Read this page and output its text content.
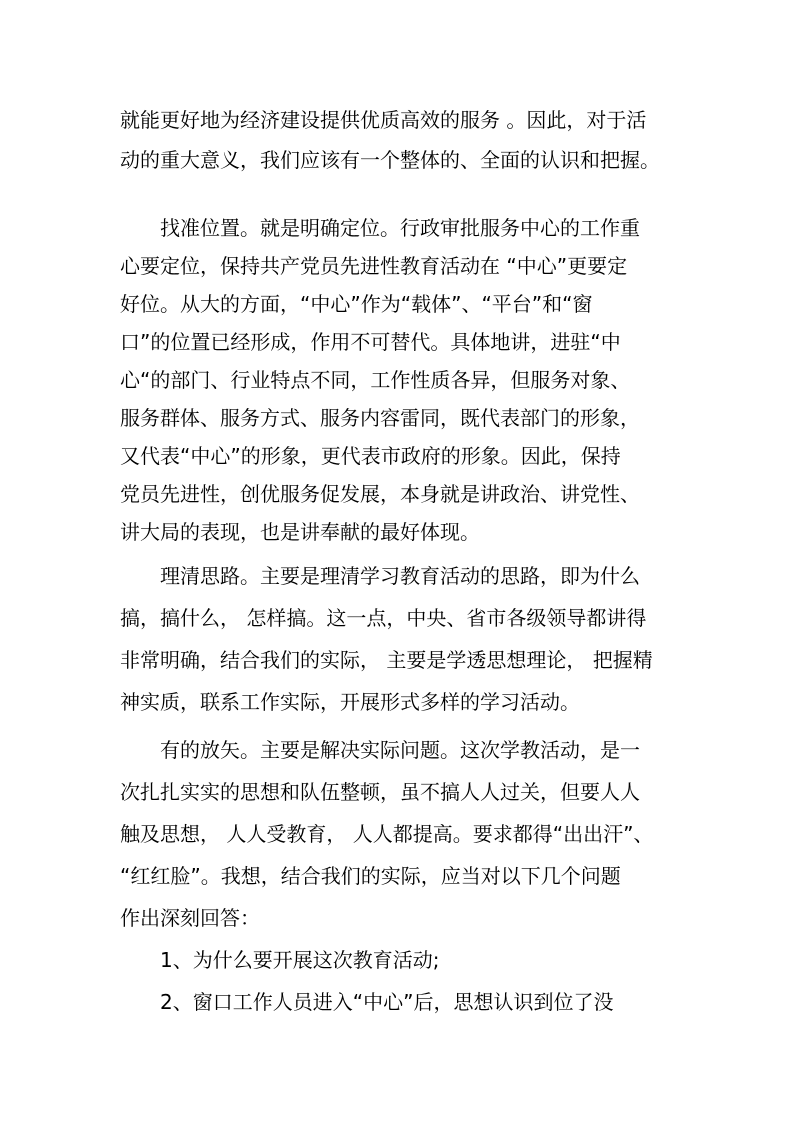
就能更好地为经济建设提供优质高效的服务 。因此，对于活
动的重大意义，我们应该有一个整体的、全面的认识和把握。
找准位置。就是明确定位。行政审批服务中心的工作重
心要定位，保持共产党员先进性教育活动在 “中心”更要定
好位。从大的方面，“中心”作为“载体”、“平台”和“窗
口”的位置已经形成，作用不可替代。具体地讲，进驻“中
心“的部门、行业特点不同，工作性质各异，但服务对象、
服务群体、服务方式、服务内容雷同，既代表部门的形象，
又代表“中心”的形象，更代表市政府的形象。因此，保持
党员先进性，创优服务促发展，本身就是讲政治、讲党性、
讲大局的表现，也是讲奉献的最好体现。
理清思路。主要是理清学习教育活动的思路，即为什么
搞，搞什么， 怎样搞。这一点，中央、省市各级领导都讲得
非常明确，结合我们的实际， 主要是学透思想理论， 把握精
神实质，联系工作实际，开展形式多样的学习活动。
有的放矢。主要是解决实际问题。这次学教活动，是一
次扎扎实实的思想和队伍整顿，虽不搞人人过关，但要人人
触及思想， 人人受教育， 人人都提高。要求都得“出出汗”、
“红红脸”。我想，结合我们的实际，应当对以下几个问题
作出深刻回答：
1、为什么要开展这次教育活动;
2、窗口工作人员进入“中心”后，思想认识到位了没
